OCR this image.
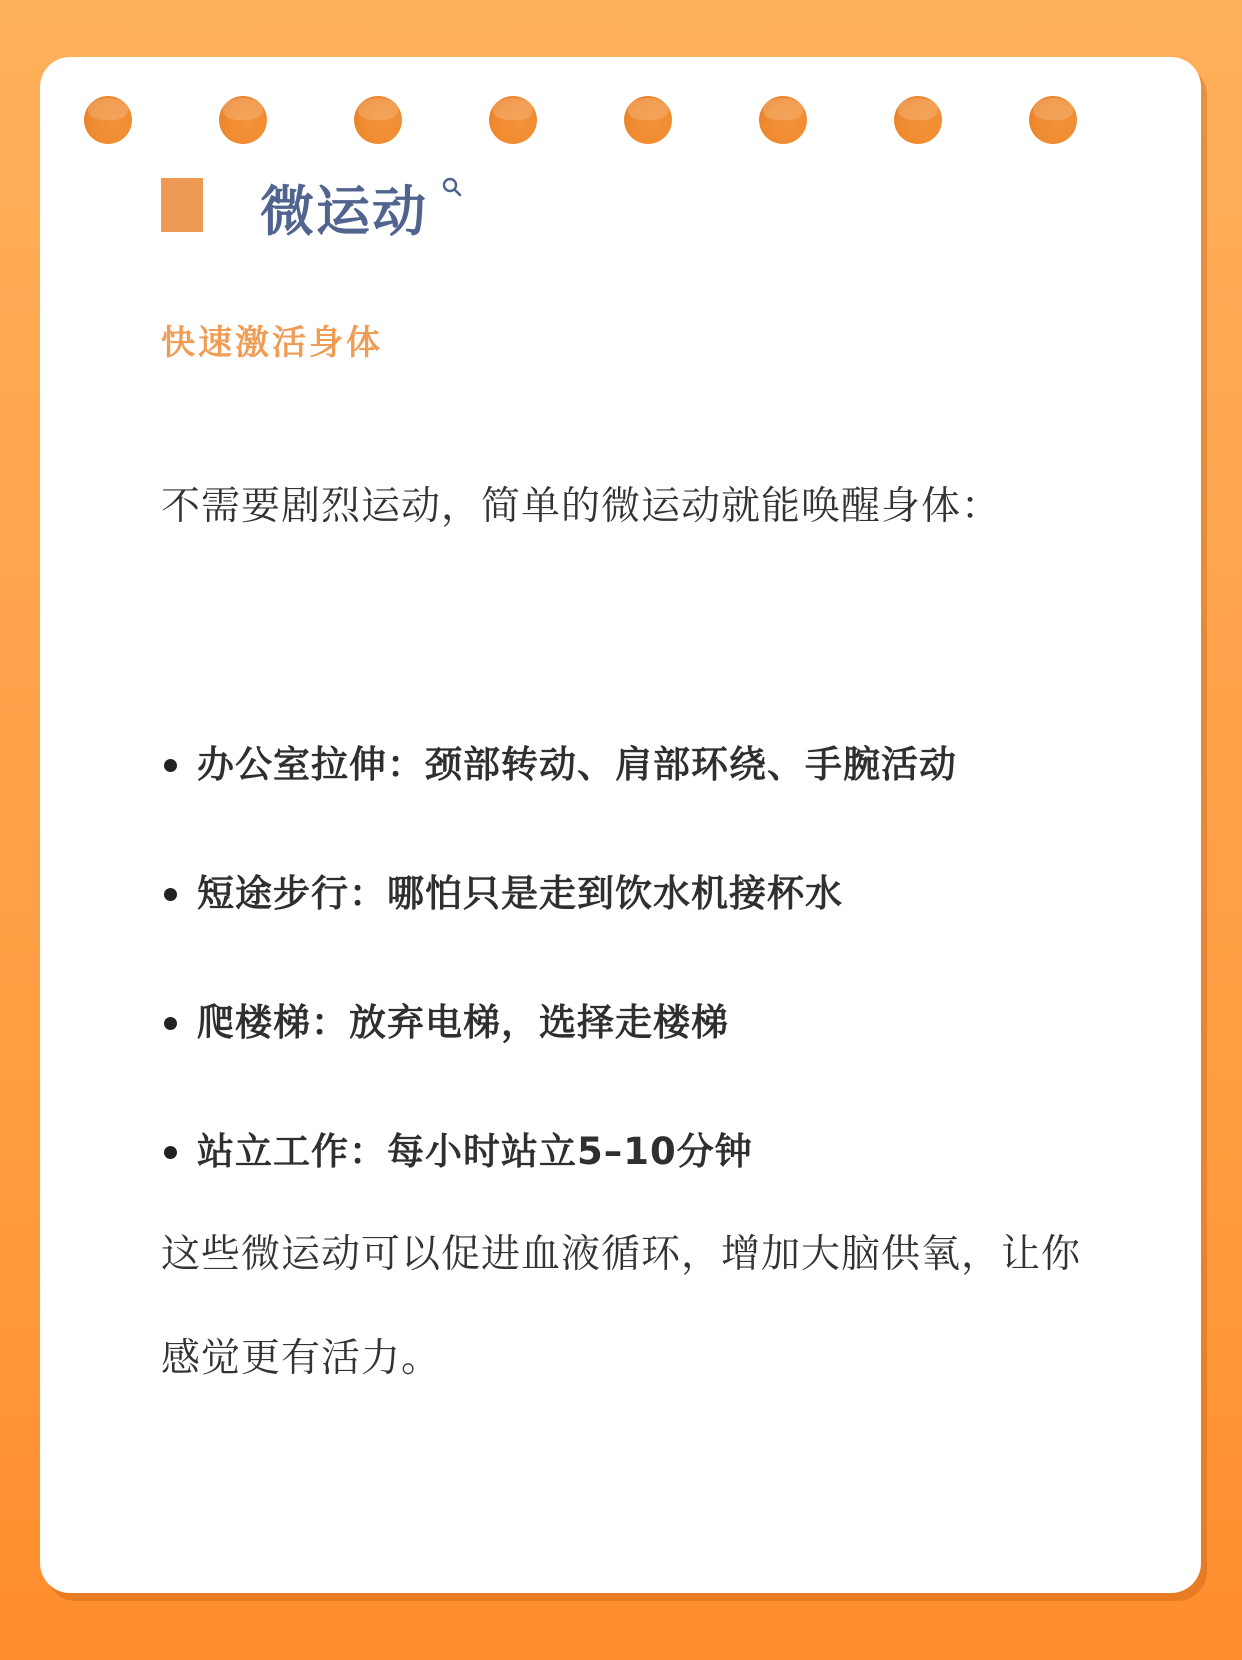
微运动
快速激活身体
不需要剧烈运动，简单的微运动就能唤醒身体：
办公室拉伸：颈部转动、肩部环绕、手腕活动
短途步行：哪怕只是走到饮水机接杯水
爬楼梯：放弃电梯，选择走楼梯
站立工作：每小时站立5–10分钟
这些微运动可以促进血液循环，增加大脑供氧，让你感觉更有活力。
